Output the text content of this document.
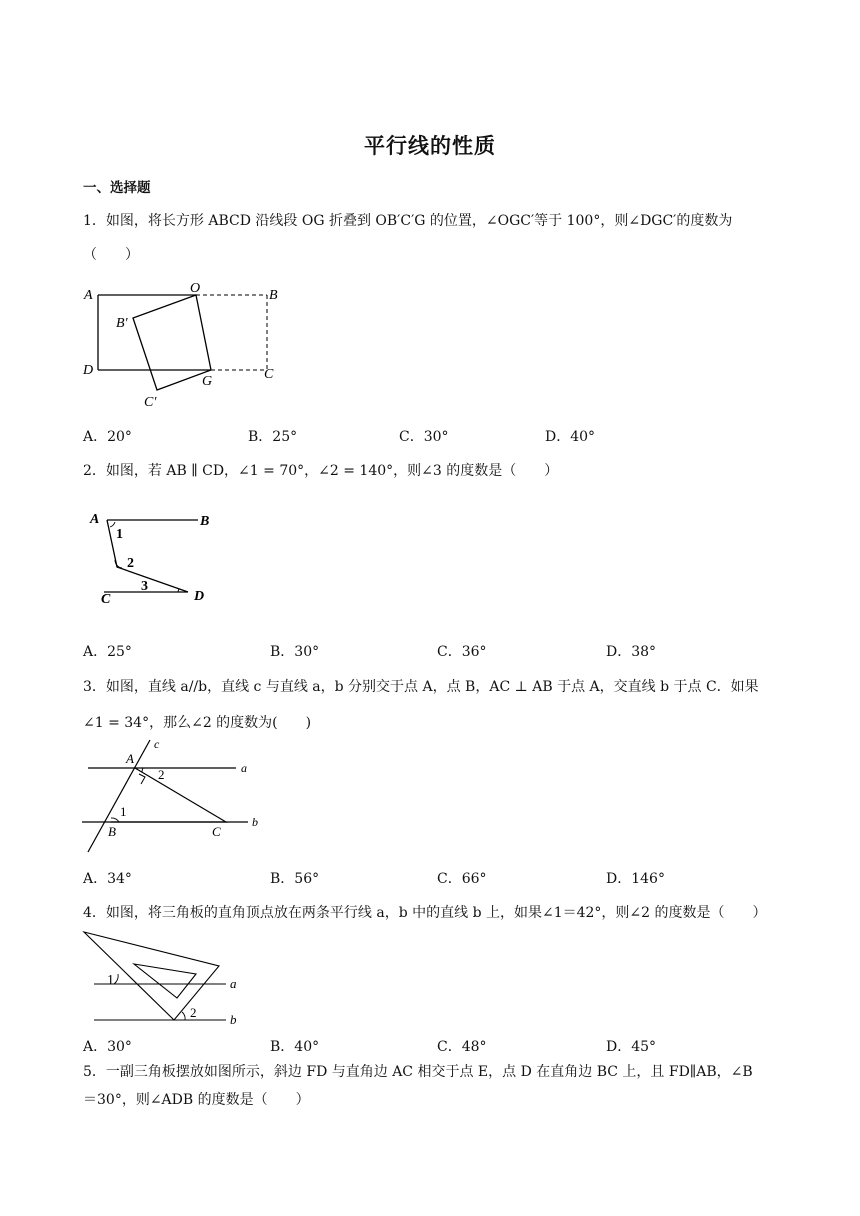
平行线的性质
一、选择题
1．如图，将长方形 ABCD 沿线段 OG 折叠到 OB′C′G 的位置，∠OGC′等于 100°，则∠DGC′的度数为
（　　）
A	O	B
B′
D
G	C
C′
A．20°	B．25°	C．30°	D．40°
2．如图，若 AB ∥ CD，∠1 = 70°，∠2 = 140°，则∠3 的度数是（　　）
A	B
1
2
3
C	D
A．25°	B．30°	C．36°	D．38°
3．如图，直线 a//b，直线 c 与直线 a，b 分别交于点 A，点 B，AC ⊥ AB 于点 A，交直线 b 于点 C．如果
∠1 = 34°，那么∠2 的度数为(　　)
c
A
2	a
1
B	C
b
A．34°	B．56°	C．66°	D．146°
4．如图，将三角板的直角顶点放在两条平行线 a，b 中的直线 b 上，如果∠1＝42°，则∠2 的度数是（　　）
1	a
2	b
A．30°	B．40°	C．48°	D．45°
5．一副三角板摆放如图所示，斜边 FD 与直角边 AC 相交于点 E，点 D 在直角边 BC 上，且 FD∥AB，∠B
＝30°，则∠ADB 的度数是（　　）
